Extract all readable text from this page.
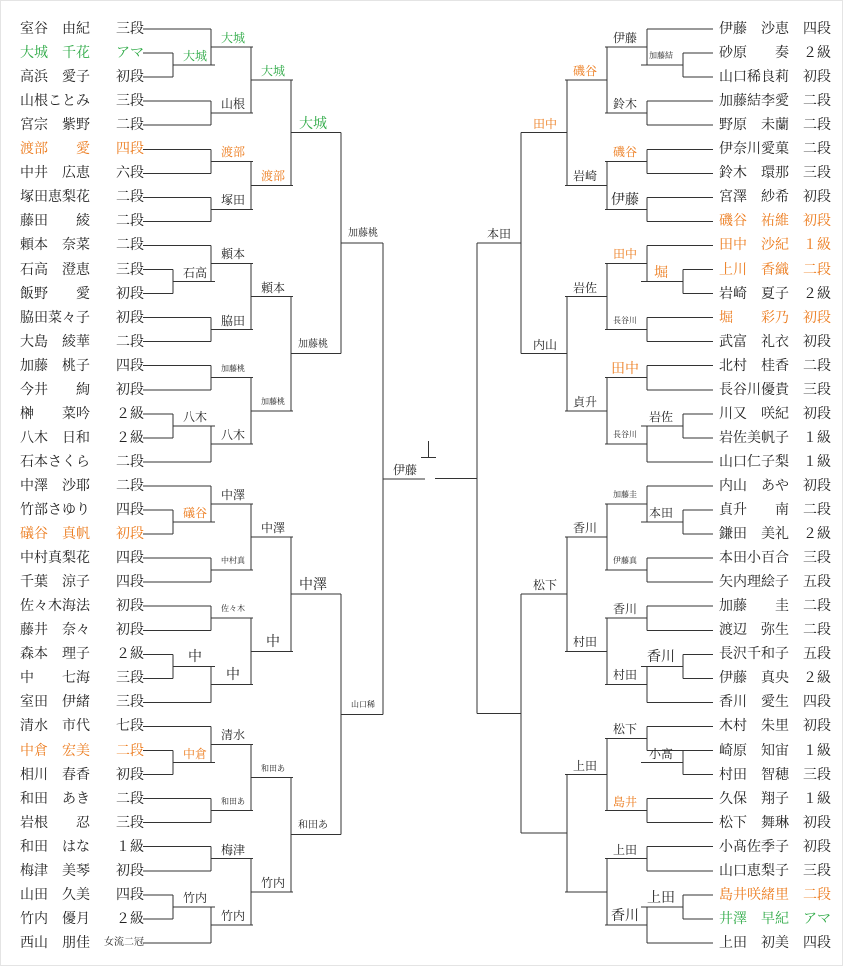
室谷　由紀 三段
大城　千花 アマ
高浜　愛子 初段
山根ことみ 三段
宮宗　紫野 二段
渡部　　愛 四段
中井　広恵 六段
塚田恵梨花 二段
藤田　　綾 二段
頼本　奈菜 二段
石高　澄恵 三段
飯野　　愛 初段
脇田菜々子 初段
大島　綾華 二段
加藤　桃子 四段
今井　　絢 初段
榊　　菜吟 ２級
八木　日和 ２級
石本さくら 二段
中澤　沙耶 二段
竹部さゆり 四段
礒谷　真帆 初段
中村真梨花 四段
千葉　涼子 四段
佐々木海法 初段
藤井　奈々 初段
森本　理子 ２級
中　　七海 三段
室田　伊緒 三段
清水　市代 七段
中倉　宏美 二段
相川　春香 初段
和田　あき 二段
岩根　　忍 三段
和田　はな １級
梅津　美琴 初段
山田　久美 四段
竹内　優月 ２級
西山　朋佳 女流二冠
伊藤　沙恵 四段
砂原　　奏 ２級
山口稀良莉 初段
加藤結李愛 二段
野原　未蘭 二段
伊奈川愛菓 二段
鈴木　環那 三段
宮澤　紗希 初段
磯谷　祐維 初段
田中　沙紀 １級
上川　香織 二段
岩崎　夏子 ２級
堀　　彩乃 初段
武富　礼衣 初段
北村　桂香 二段
長谷川優貴 三段
川又　咲紀 初段
岩佐美帆子 １級
山口仁子梨 １級
内山　あや 初段
貞升　　南 二段
鎌田　美礼 ２級
本田小百合 三段
矢内理絵子 五段
加藤　　圭 二段
渡辺　弥生 二段
長沢千和子 五段
伊藤　真央 ２級
香川　愛生 四段
木村　朱里 初段
崎原　知宙 １級
村田　智穂 三段
久保　翔子 １級
松下　舞琳 初段
小髙佐季子 初段
山口恵梨子 三段
島井咲緒里 二段
井澤　早紀 アマ
上田　初美 四段
大城
大城
山根
渡部
塚田
大城
渡部
大城
石高
頼本
脇田
加藤桃
八木
八木
頼本
加藤桃
加藤桃
加藤桃
礒谷
中澤
中村真
佐々木
中
中
中澤
中
中澤
中倉
清水
和田あ
梅津
竹内
竹内
和田あ
竹内
和田あ
山口稀
伊藤
加藤結
伊藤
鈴木
磯谷
磯谷
伊藤
岩崎
田中
堀
田中
長谷川
岩佐
岩佐
長谷川
田中
貞升
内山
本田
本田
加藤圭
伊藤真
香川
香川
香川
村田
村田
松下
松下
小髙
島井
上田
上田
上田
香川
